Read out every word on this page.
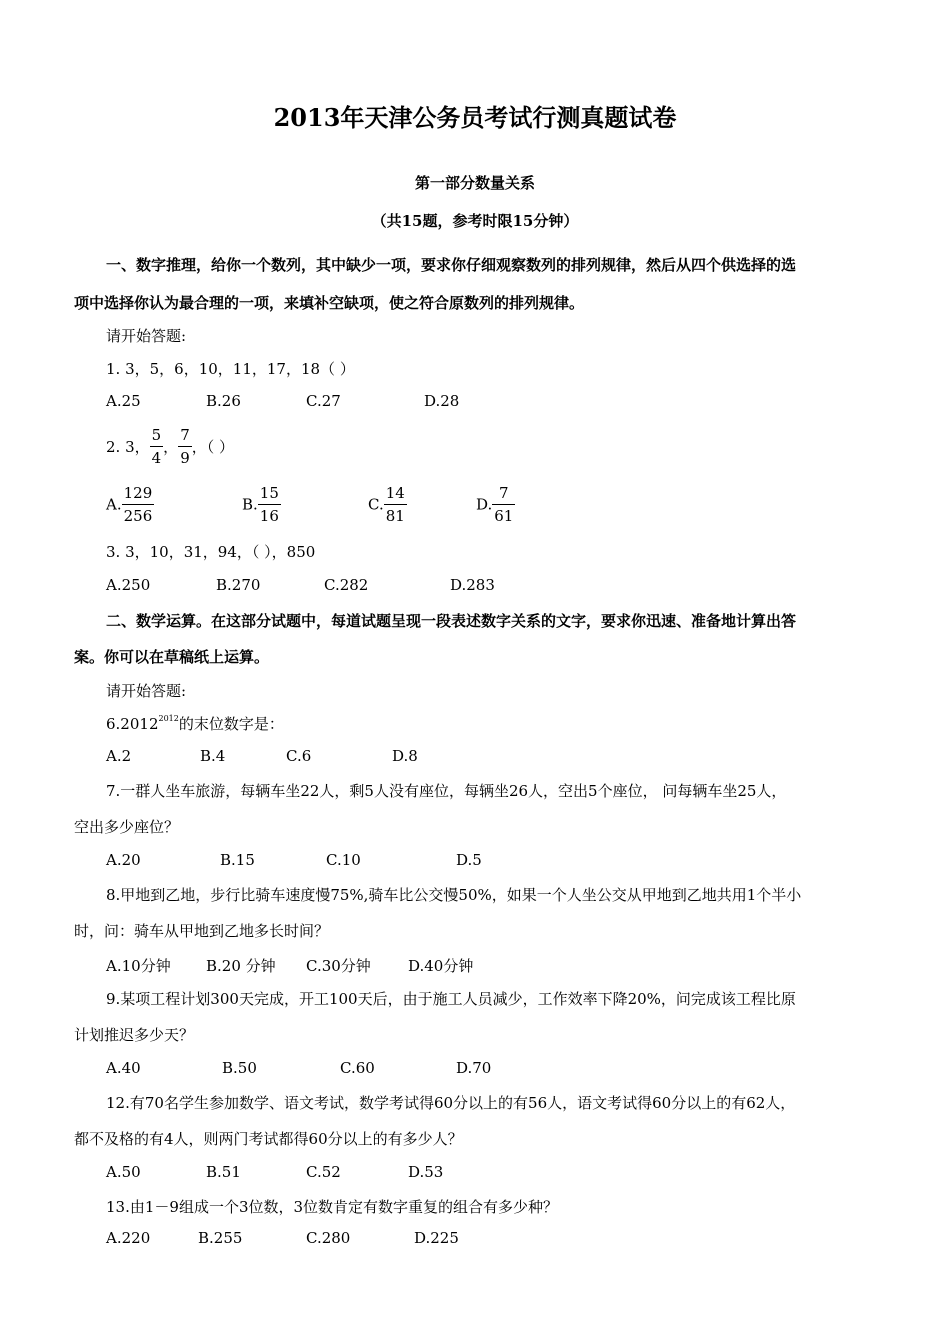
2013年天津公务员考试行测真题试卷
第一部分数量关系
（共15题，参考时限15分钟）
一、数字推理，给你一个数列，其中缺少一项，要求你仔细观察数列的排列规律，然后从四个供选择的选
项中选择你认为最合理的一项，来填补空缺项，使之符合原数列的排列规律。
请开始答题:
1. 3，5，6，10，11，17，18（ ）
A.25	B.26	C.27	D.28
2. 3， $\frac{5}{4}$ ， $\frac{7}{9}$ ，（ ）
A. $\frac{129}{256}$	B. $\frac{15}{16}$	C. $\frac{14}{81}$	D. $\frac{7}{61}$
3. 3，10，31，94，（ ），850
A.250	B.270	C.282	D.283
二、数学运算。在这部分试题中，每道试题呈现一段表述数字关系的文字，要求你迅速、准备地计算出答
案。你可以在草稿纸上运算。
请开始答题:
$6.2012^{2012}$的末位数字是：
A.2	B.4	C.6	D.8
7.一群人坐车旅游，每辆车坐22人，剩5人没有座位，每辆坐26人，空出5个座位， 问每辆车坐25人，
空出多少座位？
A.20	B.15	C.10	D.5
8.甲地到乙地，步行比骑车速度慢75%,骑车比公交慢50%，如果一个人坐公交从甲地到乙地共用1个半小
时，问：骑车从甲地到乙地多长时间？
A.10分钟 B.20 分钟 C.30分钟 D.40分钟
9.某项工程计划300天完成，开工100天后，由于施工人员减少，工作效率下降20%，问完成该工程比原
计划推迟多少天？
A.40	B.50	C.60	D.70
12.有70名学生参加数学、语文考试，数学考试得60分以上的有56人，语文考试得60分以上的有62人，
都不及格的有4人，则两门考试都得60分以上的有多少人？
A.50	B.51	C.52	D.53
13.由1－9组成一个3位数，3位数肯定有数字重复的组合有多少种？
A.220	B.255	C.280	D.225
